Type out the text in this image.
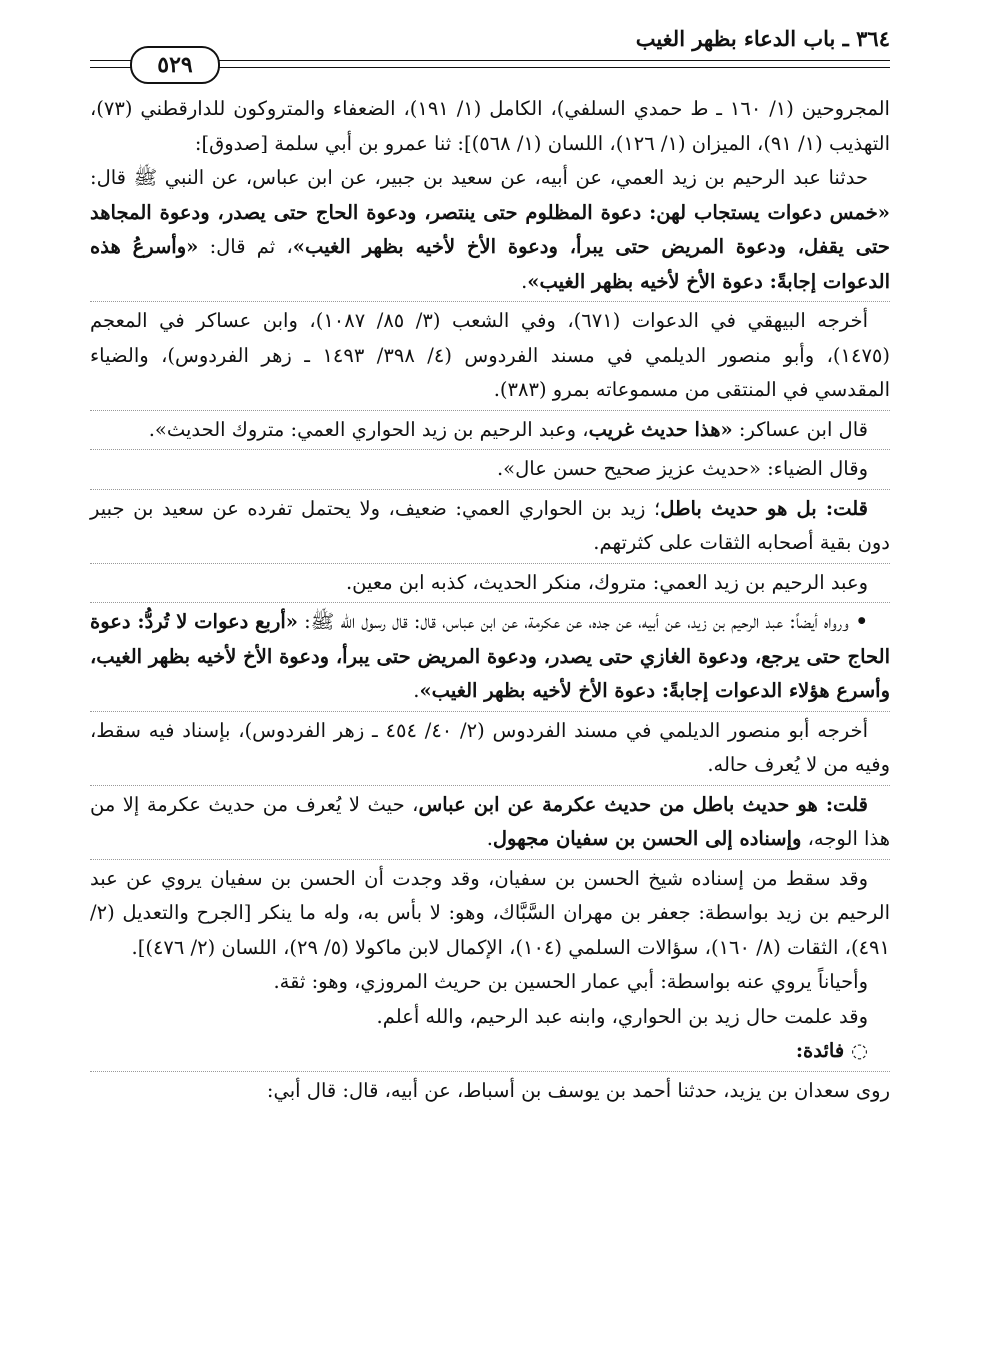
٣٦٤ ـ باب الدعاء بظهر الغيب
٥٢٩

المجروحين (١/ ١٦٠ ـ ط حمدي السلفي)، الكامل (١/ ١٩١)، الضعفاء والمتروكون للدارقطني (٧٣)، التهذيب (١/ ٩١)، الميزان (١/ ١٢٦)، اللسان (١/ ٥٦٨)]: ثنا عمرو بن أبي سلمة [صدوق]:

حدثنا عبد الرحيم بن زيد العمي، عن أبيه، عن سعيد بن جبير، عن ابن عباس، عن النبي ﷺ قال: «خمس دعوات يستجاب لهن: دعوة المظلوم حتى ينتصر، ودعوة الحاج حتى يصدر، ودعوة المجاهد حتى يقفل، ودعوة المريض حتى يبرأ، ودعوة الأخ لأخيه بظهر الغيب»، ثم قال: «وأسرعُ هذه الدعوات إجابةً: دعوة الأخ لأخيه بظهر الغيب».

أخرجه البيهقي في الدعوات (٦٧١)، وفي الشعب (٣/ ٨٥/ ١٠٨٧)، وابن عساكر في المعجم (١٤٧٥)، وأبو منصور الديلمي في مسند الفردوس (٤/ ٣٩٨/ ١٤٩٣ ـ زهر الفردوس)، والضياء المقدسي في المنتقى من مسموعاته بمرو (٣٨٣).

قال ابن عساكر: «هذا حديث غريب، وعبد الرحيم بن زيد الحواري العمي: متروك الحديث».

وقال الضياء: «حديث عزيز صحيح حسن عال».

قلت: بل هو حديث باطل؛ زيد بن الحواري العمي: ضعيف، ولا يحتمل تفرده عن سعيد بن جبير دون بقية أصحابه الثقات على كثرتهم.

وعبد الرحيم بن زيد العمي: متروك، منكر الحديث، كذبه ابن معين.

• ورواه أيضاً: عبد الرحيم بن زيد، عن أبيه، عن جده، عن عكرمة، عن ابن عباس، قال: قال رسول الله ﷺ: «أربع دعوات لا تُردُّ: دعوة الحاج حتى يرجع، ودعوة الغازي حتى يصدر، ودعوة المريض حتى يبرأ، ودعوة الأخ لأخيه بظهر الغيب، وأسرع هؤلاء الدعوات إجابةً: دعوة الأخ لأخيه بظهر الغيب».

أخرجه أبو منصور الديلمي في مسند الفردوس (٢/ ٤٠/ ٤٥٤ ـ زهر الفردوس)، بإسناد فيه سقط، وفيه من لا يُعرف حاله.

قلت: هو حديث باطل من حديث عكرمة عن ابن عباس، حيث لا يُعرف من حديث عكرمة إلا من هذا الوجه، وإسناده إلى الحسن بن سفيان مجهول.

وقد سقط من إسناده شيخ الحسن بن سفيان، وقد وجدت أن الحسن بن سفيان يروي عن عبد الرحيم بن زيد بواسطة: جعفر بن مهران السَّبَّاك، وهو: لا بأس به، وله ما ينكر [الجرح والتعديل (٢/ ٤٩١)، الثقات (٨/ ١٦٠)، سؤالات السلمي (١٠٤)، الإكمال لابن ماكولا (٥/ ٢٩)، اللسان (٢/ ٤٧٦)].

وأحياناً يروي عنه بواسطة: أبي عمار الحسين بن حريث المروزي، وهو: ثقة.

وقد علمت حال زيد بن الحواري، وابنه عبد الرحيم، والله أعلم.

◌ فائدة:

روى سعدان بن يزيد، حدثنا أحمد بن يوسف بن أسباط، عن أبيه، قال: قال أبي:
